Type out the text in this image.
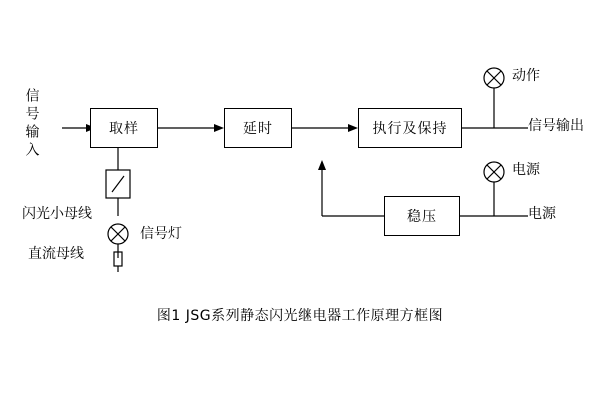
取样	延时	执行及保持
稳压
信号输入
闪光小母线
直流母线
信号灯
动作
信号输出
电源
电源
图1 JSG系列静态闪光继电器工作原理方框图
